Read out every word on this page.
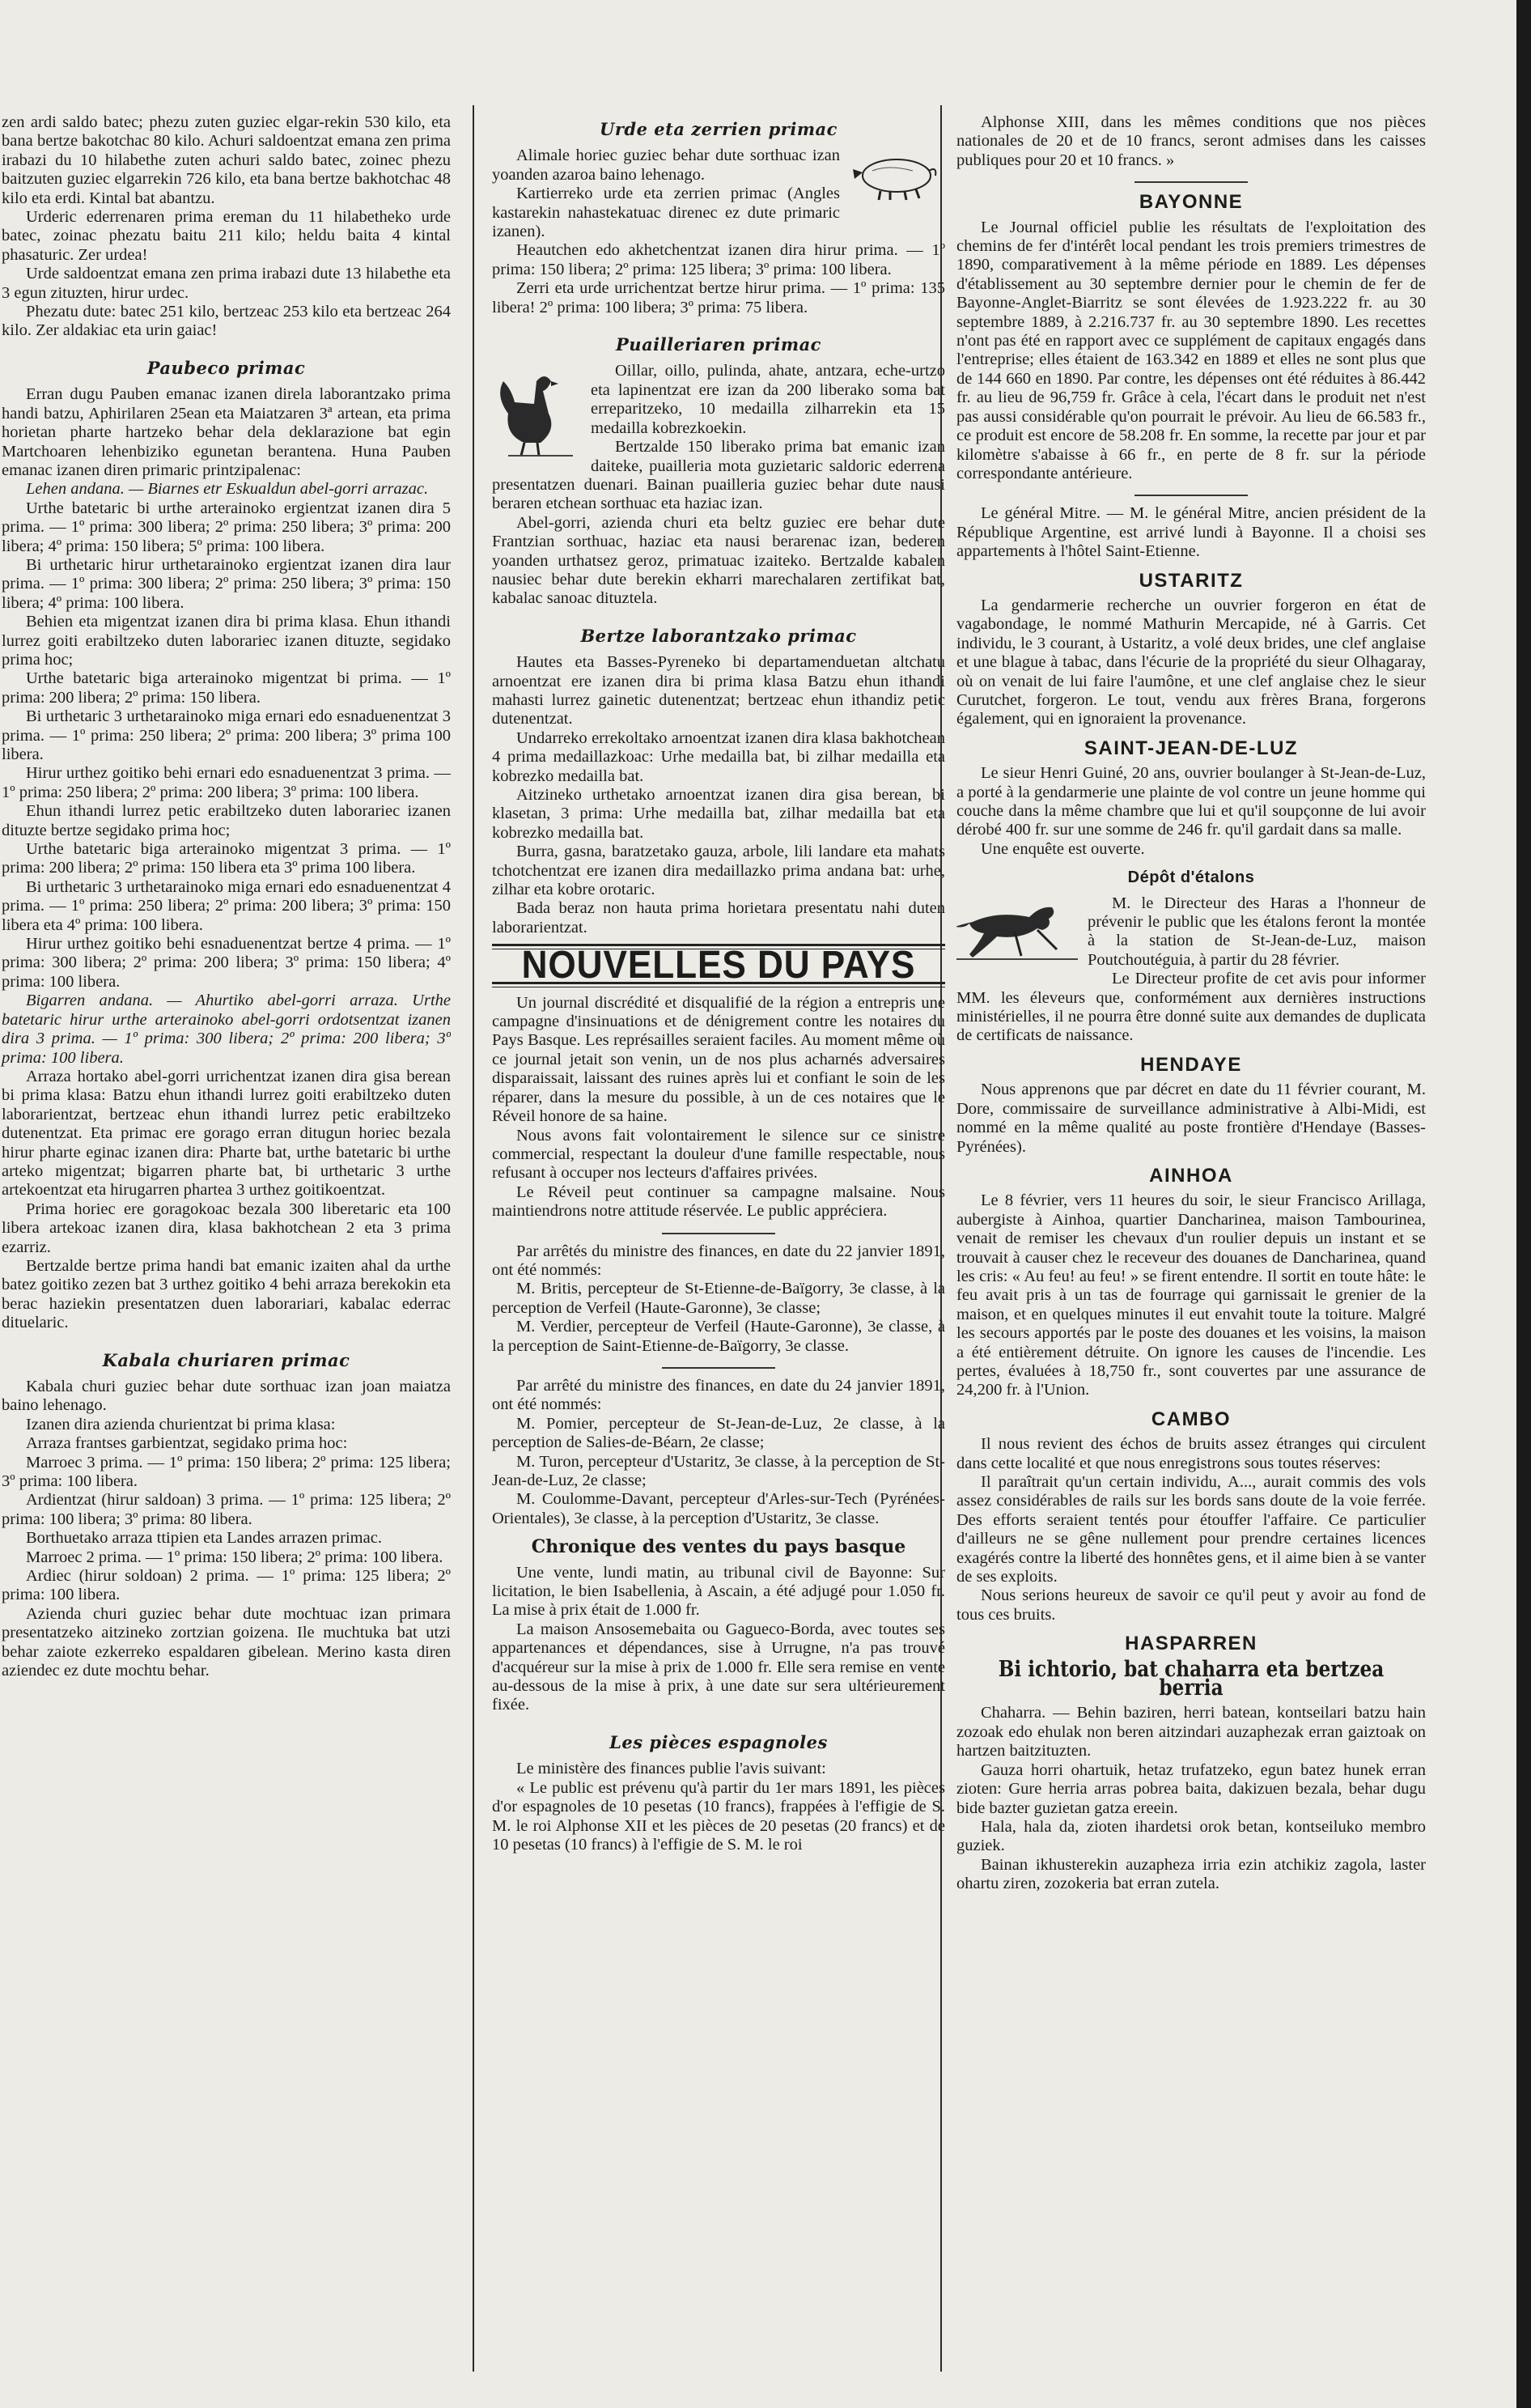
zen ardi saldo batec; phezu zuten guziec elgar-rekin 530 kilo, eta bana bertze bakotchac 80 kilo. Achuri saldoentzat emana zen prima irabazi du 10 hilabethe zuten achuri saldo batec, zoinec phezu baitzuten guziec elgarrekin 726 kilo, eta bana bertze bakhotchac 48 kilo eta erdi. Kintal bat abantzu.

Urderic ederrenaren prima ereman du 11 hilabetheko urde batec, zoinac phezatu baitu 211 kilo; heldu baita 4 kintal phasaturic. Zer urdea!

Urde saldoentzat emana zen prima irabazi dute 13 hilabethe eta 3 egun zituzten, hirur urdec.

Phezatu dute: batec 251 kilo, bertzeac 253 kilo eta bertzeac 264 kilo. Zer aldakiac eta urin gaiac!

Paubeco primac

Erran dugu Pauben emanac izanen direla laborantzako prima handi batzu, Aphirilaren 25ean eta Maiatzaren 3ª artean, eta prima horietan pharte hartzeko behar dela deklarazione bat egin Martchoaren lehenbiziko egunetan berantena. Huna Pauben emanac izanen diren primaric printzipalenac:

Lehen andana. — Biarnes etr Eskualdun abel-gorri arrazac.

Urthe batetaric bi urthe arterainoko ergientzat izanen dira 5 prima. — 1º prima: 300 libera; 2º prima: 250 libera; 3º prima: 200 libera; 4º prima: 150 libera; 5º prima: 100 libera.

Bi urthetaric hirur urthetarainoko ergientzat izanen dira laur prima. — 1º prima: 300 libera; 2º prima: 250 libera; 3º prima: 150 libera; 4º prima: 100 libera.

Behien eta migentzat izanen dira bi prima klasa. Ehun ithandi lurrez goiti erabiltzeko duten laborariec izanen dituzte, segidako prima hoc;

Urthe batetaric biga arterainoko migentzat bi prima. — 1º prima: 200 libera; 2º prima: 150 libera.

Bi urthetaric 3 urthetarainoko miga ernari edo esnaduenentzat 3 prima. — 1º prima: 250 libera; 2º prima: 200 libera; 3º prima 100 libera.

Hirur urthez goitiko behi ernari edo esnaduenentzat 3 prima. — 1º prima: 250 libera; 2º prima: 200 libera; 3º prima: 100 libera.

Ehun ithandi lurrez petic erabiltzeko duten laborariec izanen dituzte bertze segidako prima hoc;

Urthe batetaric biga arterainoko migentzat 3 prima. — 1º prima: 200 libera; 2º prima: 150 libera eta 3º prima 100 libera.

Bi urthetaric 3 urthetarainoko miga ernari edo esnaduenentzat 4 prima. — 1º prima: 250 libera; 2º prima: 200 libera; 3º prima: 150 libera eta 4º prima: 100 libera.

Hirur urthez goitiko behi esnaduenentzat bertze 4 prima. — 1º prima: 300 libera; 2º prima: 200 libera; 3º prima: 150 libera; 4º prima: 100 libera.

Bigarren andana. — Ahurtiko abel-gorri arraza. Urthe batetaric hirur urthe arterainoko abel-gorri ordotsentzat izanen dira 3 prima. — 1º prima: 300 libera; 2º prima: 200 libera; 3º prima: 100 libera.

Arraza hortako abel-gorri urrichentzat izanen dira gisa berean bi prima klasa: Batzu ehun ithandi lurrez goiti erabiltzeko duten laborarientzat, bertzeac ehun ithandi lurrez petic erabiltzeko dutenentzat. Eta primac ere gorago erran ditugun horiec bezala hirur pharte eginac izanen dira: Pharte bat, urthe batetaric bi urthe arteko migentzat; bigarren pharte bat, bi urthetaric 3 urthe artekoentzat eta hirugarren phartea 3 urthez goitikoentzat.

Prima horiec ere goragokoac bezala 300 liberetaric eta 100 libera artekoac izanen dira, klasa bakhotchean 2 eta 3 prima ezarriz.

Bertzalde bertze prima handi bat emanic izaiten ahal da urthe batez goitiko zezen bat 3 urthez goitiko 4 behi arraza berekokin eta berac haziekin presentatzen duen laborariari, kabalac ederrac dituelaric.

Kabala churiaren primac

Kabala churi guziec behar dute sorthuac izan joan maiatza baino lehenago.

Izanen dira azienda churientzat bi prima klasa:

Arraza frantses garbientzat, segidako prima hoc:

Marroec 3 prima. — 1º prima: 150 libera; 2º prima: 125 libera; 3º prima: 100 libera.

Ardientzat (hirur saldoan) 3 prima. — 1º prima: 125 libera; 2º prima: 100 libera; 3º prima: 80 libera.

Borthuetako arraza ttipien eta Landes arrazen primac.

Marroec 2 prima. — 1º prima: 150 libera; 2º prima: 100 libera.

Ardiec (hirur soldoan) 2 prima. — 1º prima: 125 libera; 2º prima: 100 libera.

Azienda churi guziec behar dute mochtuac izan primara presentatzeko aitzineko zortzian goizena. Ile muchtuka bat utzi behar zaiote ezkerreko espaldaren gibelean. Merino kasta diren aziendec ez dute mochtu behar.

Urde eta zerrien primac

Alimale horiec guziec behar dute sorthuac izan yoanden azaroa baino lehenago.

Kartierreko urde eta zerrien primac (Angles kastarekin nahastekatuac direnec ez dute primaric izanen).

Heautchen edo akhetchentzat izanen dira hirur prima. — 1º prima: 150 libera; 2º prima: 125 libera; 3º prima: 100 libera.

Zerri eta urde urrichentzat bertze hirur prima. — 1º prima: 135 libera! 2º prima: 100 libera; 3º prima: 75 libera.

Puailleriaren primac

Oillar, oillo, pulinda, ahate, antzara, eche-urtzo eta lapinentzat ere izan da 200 liberako soma bat erreparitzeko, 10 medailla zilharrekin eta 15 medailla kobrezkoekin.

Bertzalde 150 liberako prima bat emanic izan daiteke, puailleria mota guzietaric saldoric ederrena presentatzen duenari. Bainan puailleria guziec behar dute nausi beraren etchean sorthuac eta haziac izan.

Abel-gorri, azienda churi eta beltz guziec ere behar dute Frantzian sorthuac, haziac eta nausi berarenac izan, bederen yoanden urthatsez geroz, primatuac izaiteko. Bertzalde kabalen nausiec behar dute berekin ekharri marechalaren zertifikat bat, kabalac sanoac dituztela.

Bertze laborantzako primac

Hautes eta Basses-Pyreneko bi departamenduetan altchatu arnoentzat ere izanen dira bi prima klasa Batzu ehun ithandi mahasti lurrez gainetic dutenentzat; bertzeac ehun ithandiz petic dutenentzat.

Undarreko errekoltako arnoentzat izanen dira klasa bakhotchean 4 prima medaillazkoac: Urhe medailla bat, bi zilhar medailla eta kobrezko medailla bat.

Aitzineko urthetako arnoentzat izanen dira gisa berean, bi klasetan, 3 prima: Urhe medailla bat, zilhar medailla bat eta kobrezko medailla bat.

Burra, gasna, baratzetako gauza, arbole, lili landare eta mahats tchotchentzat ere izanen dira medaillazko prima andana bat: urhe, zilhar eta kobre orotaric.

Bada beraz non hauta prima horietara presentatu nahi duten laborarientzat.

NOUVELLES DU PAYS

Un journal discrédité et disqualifié de la région a entrepris une campagne d'insinuations et de dénigrement contre les notaires du Pays Basque. Les représailles seraient faciles. Au moment même où ce journal jetait son venin, un de nos plus acharnés adversaires disparaissait, laissant des ruines après lui et confiant le soin de les réparer, dans la mesure du possible, à un de ces notaires que le Réveil honore de sa haine.

Nous avons fait volontairement le silence sur ce sinistre commercial, respectant la douleur d'une famille respectable, nous refusant à occuper nos lecteurs d'affaires privées.

Le Réveil peut continuer sa campagne malsaine. Nous maintiendrons notre attitude réservée. Le public appréciera.

Par arrêtés du ministre des finances, en date du 22 janvier 1891, ont été nommés:

M. Britis, percepteur de St-Etienne-de-Baïgorry, 3e classe, à la perception de Verfeil (Haute-Garonne), 3e classe;

M. Verdier, percepteur de Verfeil (Haute-Garonne), 3e classe, à la perception de Saint-Etienne-de-Baïgorry, 3e classe.

Par arrêté du ministre des finances, en date du 24 janvier 1891, ont été nommés:

M. Pomier, percepteur de St-Jean-de-Luz, 2e classe, à la perception de Salies-de-Béarn, 2e classe;

M. Turon, percepteur d'Ustaritz, 3e classe, à la perception de St-Jean-de-Luz, 2e classe;

M. Coulomme-Davant, percepteur d'Arles-sur-Tech (Pyrénées-Orientales), 3e classe, à la perception d'Ustaritz, 3e classe.

Chronique des ventes du pays basque

Une vente, lundi matin, au tribunal civil de Bayonne: Sur licitation, le bien Isabellenia, à Ascain, a été adjugé pour 1.050 fr. La mise à prix était de 1.000 fr.

La maison Ansosemebaita ou Gagueco-Borda, avec toutes ses appartenances et dépendances, sise à Urrugne, n'a pas trouvé d'acquéreur sur la mise à prix de 1.000 fr. Elle sera remise en vente au-dessous de la mise à prix, à une date sur sera ultérieurement fixée.

Les pièces espagnoles

Le ministère des finances publie l'avis suivant:

« Le public est prévenu qu'à partir du 1er mars 1891, les pièces d'or espagnoles de 10 pesetas (10 francs), frappées à l'effigie de S. M. le roi Alphonse XII et les pièces de 20 pesetas (20 francs) et de 10 pesetas (10 francs) à l'effigie de S. M. le roi

Alphonse XIII, dans les mêmes conditions que nos pièces nationales de 20 et de 10 francs, seront admises dans les caisses publiques pour 20 et 10 francs. »

BAYONNE

Le Journal officiel publie les résultats de l'exploitation des chemins de fer d'intérêt local pendant les trois premiers trimestres de 1890, comparativement à la même période en 1889. Les dépenses d'établissement au 30 septembre dernier pour le chemin de fer de Bayonne-Anglet-Biarritz se sont élevées de 1.923.222 fr. au 30 septembre 1889, à 2.216.737 fr. au 30 septembre 1890. Les recettes n'ont pas été en rapport avec ce supplément de capitaux engagés dans l'entreprise; elles étaient de 163.342 en 1889 et elles ne sont plus que de 144 660 en 1890. Par contre, les dépenses ont été réduites à 86.442 fr. au lieu de 96,759 fr. Grâce à cela, l'écart dans le produit net n'est pas aussi considérable qu'on pourrait le prévoir. Au lieu de 66.583 fr., ce produit est encore de 58.208 fr. En somme, la recette par jour et par kilomètre s'abaisse à 66 fr., en perte de 8 fr. sur la période correspondante antérieure.

Le général Mitre. — M. le général Mitre, ancien président de la République Argentine, est arrivé lundi à Bayonne. Il a choisi ses appartements à l'hôtel Saint-Etienne.

USTARITZ

La gendarmerie recherche un ouvrier forgeron en état de vagabondage, le nommé Mathurin Mercapide, né à Garris. Cet individu, le 3 courant, à Ustaritz, a volé deux brides, une clef anglaise et une blague à tabac, dans l'écurie de la propriété du sieur Olhagaray, où on venait de lui faire l'aumône, et une clef anglaise chez le sieur Curutchet, forgeron. Le tout, vendu aux frères Brana, forgerons également, qui en ignoraient la provenance.

SAINT-JEAN-DE-LUZ

Le sieur Henri Guiné, 20 ans, ouvrier boulanger à St-Jean-de-Luz, a porté à la gendarmerie une plainte de vol contre un jeune homme qui couche dans la même chambre que lui et qu'il soupçonne de lui avoir dérobé 400 fr. sur une somme de 246 fr. qu'il gardait dans sa malle.

Une enquête est ouverte.

Dépôt d'étalons

M. le Directeur des Haras a l'honneur de prévenir le public que les étalons feront la montée à la station de St-Jean-de-Luz, maison Poutchoutéguia, à partir du 28 février.

Le Directeur profite de cet avis pour informer MM. les éleveurs que, conformément aux dernières instructions ministérielles, il ne pourra être donné suite aux demandes de duplicata de certificats de naissance.

HENDAYE

Nous apprenons que par décret en date du 11 février courant, M. Dore, commissaire de surveillance administrative à Albi-Midi, est nommé en la même qualité au poste frontière d'Hendaye (Basses-Pyrénées).

AINHOA

Le 8 février, vers 11 heures du soir, le sieur Francisco Arillaga, aubergiste à Ainhoa, quartier Dancharinea, maison Tambourinea, venait de remiser les chevaux d'un roulier depuis un instant et se trouvait à causer chez le receveur des douanes de Dancharinea, quand les cris: « Au feu! au feu! » se firent entendre. Il sortit en toute hâte: le feu avait pris à un tas de fourrage qui garnissait le grenier de la maison, et en quelques minutes il eut envahit toute la toiture. Malgré les secours apportés par le poste des douanes et les voisins, la maison a été entièrement détruite. On ignore les causes de l'incendie. Les pertes, évaluées à 18,750 fr., sont couvertes par une assurance de 24,200 fr. à l'Union.

CAMBO

Il nous revient des échos de bruits assez étranges qui circulent dans cette localité et que nous enregistrons sous toutes réserves:

Il paraîtrait qu'un certain individu, A..., aurait commis des vols assez considérables de rails sur les bords sans doute de la voie ferrée. Des efforts seraient tentés pour étouffer l'affaire. Ce particulier d'ailleurs ne se gêne nullement pour prendre certaines licences exagérés contre la liberté des honnêtes gens, et il aime bien à se vanter de ses exploits.

Nous serions heureux de savoir ce qu'il peut y avoir au fond de tous ces bruits.

HASPARREN
Bi ichtorio, bat chaharra eta bertzea berria

Chaharra. — Behin baziren, herri batean, kontseilari batzu hain zozoak edo ehulak non beren aitzindari auzaphezak erran gaiztoak on hartzen baitzituzten.

Gauza horri ohartuik, hetaz trufatzeko, egun batez hunek erran zioten: Gure herria arras pobrea baita, dakizuen bezala, behar dugu bide bazter guzietan gatza ereein.

Hala, hala da, zioten ihardetsi orok betan, kontseiluko membro guziek.

Bainan ikhusterekin auzaphezа irria ezin atchikiz zagola, laster ohartu ziren, zozokeria bat erran zutela.
